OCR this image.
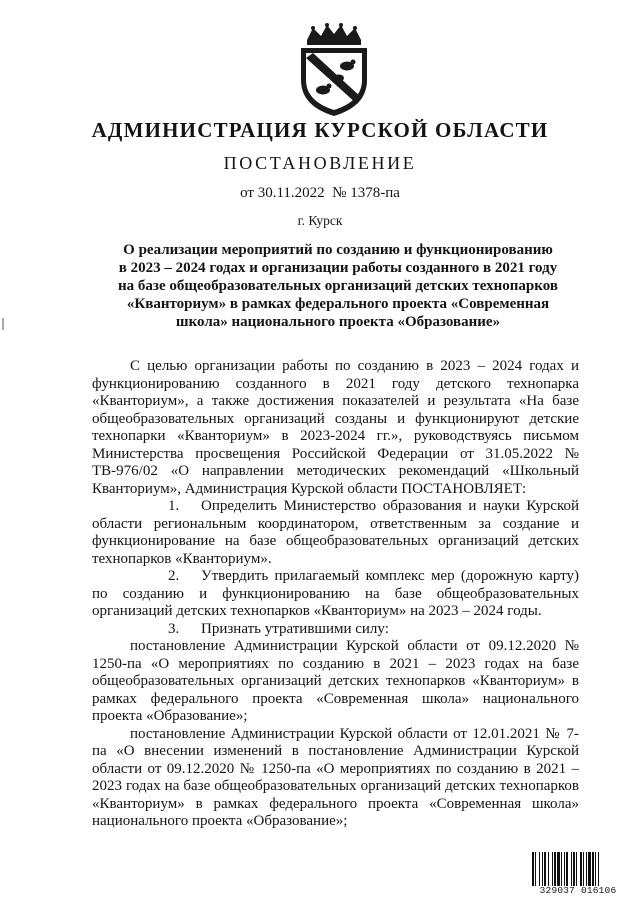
АДМИНИСТРАЦИЯ КУРСКОЙ ОБЛАСТИ
ПОСТАНОВЛЕНИЕ
от 30.11.2022  № 1378-па
г. Курск
О реализации мероприятий по созданию и функционированию
в 2023 – 2024 годах и организации работы созданного в 2021 году
на базе общеобразовательных организаций детских технопарков
«Кванториум» в рамках федерального проекта «Современная
школа» национального проекта «Образование»

С целью организации работы по созданию в 2023 – 2024 годах и функционированию созданного в 2021 году детского технопарка «Кванториум», а также достижения показателей и результата «На базе общеобразовательных организаций созданы и функционируют детские технопарки «Кванториум» в 2023-2024 гг.», руководствуясь письмом Министерства просвещения Российской Федерации от 31.05.2022 № ТВ-976/02 «О направлении методических рекомендаций «Школьный Кванториум», Администрация Курской области ПОСТАНОВЛЯЕТ:

1. Определить Министерство образования и науки Курской области региональным координатором, ответственным за создание и функционирование на базе общеобразовательных организаций детских технопарков «Кванториум».

2. Утвердить прилагаемый комплекс мер (дорожную карту) по созданию и функционированию на базе общеобразовательных организаций детских технопарков «Кванториум» на 2023 – 2024 годы.

3. Признать утратившими силу:

постановление Администрации Курской области от 09.12.2020 № 1250-па «О мероприятиях по созданию в 2021 – 2023 годах на базе общеобразовательных организаций детских технопарков «Кванториум» в рамках федерального проекта «Современная школа» национального проекта «Образование»;

постановление Администрации Курской области от 12.01.2021 № 7-па «О внесении изменений в постановление Администрации Курской области от 09.12.2020 № 1250-па «О мероприятиях по созданию в 2021 – 2023 годах на базе общеобразовательных организаций детских технопарков «Кванториум» в рамках федерального проекта «Современная школа» национального проекта «Образование»;

329037 016106
